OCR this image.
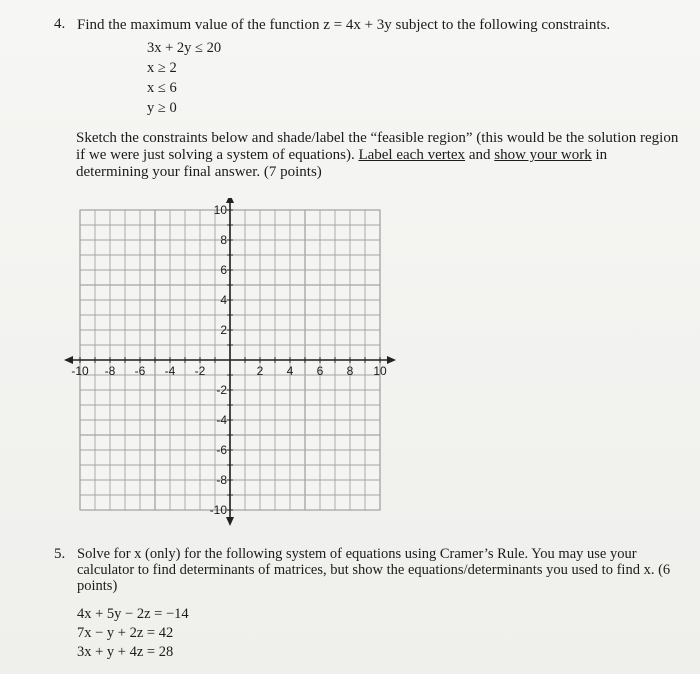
4. Find the maximum value of the function z = 4x + 3y subject to the following constraints.
3x + 2y ≤ 20
x ≥ 2
x ≤ 6
y ≥ 0
Sketch the constraints below and shade/label the “feasible region” (this would be the solution region if we were just solving a system of equations). Label each vertex and show your work in determining your final answer. (7 points)
-10 -8 -6 -4 -2	2 4 6 8 10
10
8
6
4
2
-2
-4
-6
-8
-10
5. Solve for x (only) for the following system of equations using Cramer’s Rule. You may use your calculator to find determinants of matrices, but show the equations/determinants you used to find x. (6 points)
4x + 5y − 2z = −14
7x − y + 2z = 42
3x + y + 4z = 28
